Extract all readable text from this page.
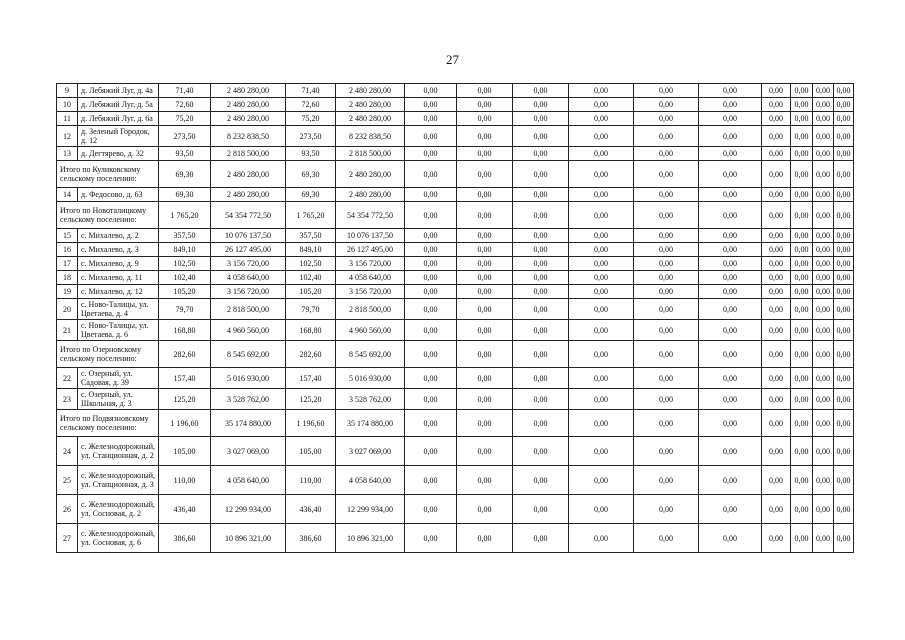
27
9	д. Лебяжий Луг, д. 4а	71,40	2 480 280,00	71,40	2 480 280,00	0,00	0,00	0,00	0,00	0,00	0,00	0,00	0,00	0,00	0,00
10	д. Лебяжий Луг, д. 5а	72,60	2 480 280,00	72,60	2 480 280,00	0,00	0,00	0,00	0,00	0,00	0,00	0,00	0,00	0,00	0,00
11	д. Лебяжий Луг, д. 6а	75,20	2 480 280,00	75,20	2 480 280,00	0,00	0,00	0,00	0,00	0,00	0,00	0,00	0,00	0,00	0,00
12	д. Зеленый Городок, д. 12	273,50	8 232 838,50	273,50	8 232 838,50	0,00	0,00	0,00	0,00	0,00	0,00	0,00	0,00	0,00	0,00
13	д. Дегтярево, д. 32	93,50	2 818 500,00	93,50	2 818 500,00	0,00	0,00	0,00	0,00	0,00	0,00	0,00	0,00	0,00	0,00
Итого по Куликовскому сельскому поселению:		69,30	2 480 280,00	69,30	2 480 280,00	0,00	0,00	0,00	0,00	0,00	0,00	0,00	0,00	0,00	0,00
14	д. Федосово, д. 63	69,30	2 480 280,00	69,30	2 480 280,00	0,00	0,00	0,00	0,00	0,00	0,00	0,00	0,00	0,00	0,00
Итого по Новоталицкому сельскому поселению:		1 765,20	54 354 772,50	1 765,20	54 354 772,50	0,00	0,00	0,00	0,00	0,00	0,00	0,00	0,00	0,00	0,00
15	с. Михалево, д. 2	357,50	10 076 137,50	357,50	10 076 137,50	0,00	0,00	0,00	0,00	0,00	0,00	0,00	0,00	0,00	0,00
16	с. Михалево, д. 3	849,10	26 127 495,00	849,10	26 127 495,00	0,00	0,00	0,00	0,00	0,00	0,00	0,00	0,00	0,00	0,00
17	с. Михалево, д. 9	102,50	3 156 720,00	102,50	3 156 720,00	0,00	0,00	0,00	0,00	0,00	0,00	0,00	0,00	0,00	0,00
18	с. Михалево, д. 11	102,40	4 058 640,00	102,40	4 058 640,00	0,00	0,00	0,00	0,00	0,00	0,00	0,00	0,00	0,00	0,00
19	с. Михалево, д. 12	105,20	3 156 720,00	105,20	3 156 720,00	0,00	0,00	0,00	0,00	0,00	0,00	0,00	0,00	0,00	0,00
20	с. Ново-Талицы, ул. Цветаева, д. 4	79,70	2 818 500,00	79,70	2 818 500,00	0,00	0,00	0,00	0,00	0,00	0,00	0,00	0,00	0,00	0,00
21	с. Ново-Талицы, ул. Цветаева, д. 6	168,80	4 960 560,00	168,80	4 960 560,00	0,00	0,00	0,00	0,00	0,00	0,00	0,00	0,00	0,00	0,00
Итого по Озерновскому сельскому поселению:		282,60	8 545 692,00	282,60	8 545 692,00	0,00	0,00	0,00	0,00	0,00	0,00	0,00	0,00	0,00	0,00
22	с. Озерный, ул. Садовая, д. 39	157,40	5 016 930,00	157,40	5 016 930,00	0,00	0,00	0,00	0,00	0,00	0,00	0,00	0,00	0,00	0,00
23	с. Озерный, ул. Школьная, д. 3	125,20	3 528 762,00	125,20	3 528 762,00	0,00	0,00	0,00	0,00	0,00	0,00	0,00	0,00	0,00	0,00
Итого по Подвязновскому сельскому поселению:		1 196,60	35 174 880,00	1 196,60	35 174 880,00	0,00	0,00	0,00	0,00	0,00	0,00	0,00	0,00	0,00	0,00
24	с. Железнодорожный, ул. Станционная, д. 2	105,00	3 027 069,00	105,00	3 027 069,00	0,00	0,00	0,00	0,00	0,00	0,00	0,00	0,00	0,00	0,00
25	с. Железнодорожный, ул. Станционная, д. 3	110,00	4 058 640,00	110,00	4 058 640,00	0,00	0,00	0,00	0,00	0,00	0,00	0,00	0,00	0,00	0,00
26	с. Железнодорожный, ул. Сосновая, д. 2	436,40	12 299 934,00	436,40	12 299 934,00	0,00	0,00	0,00	0,00	0,00	0,00	0,00	0,00	0,00	0,00
27	с. Железнодорожный, ул. Сосновая, д. 6	386,60	10 896 321,00	386,60	10 896 321,00	0,00	0,00	0,00	0,00	0,00	0,00	0,00	0,00	0,00	0,00
